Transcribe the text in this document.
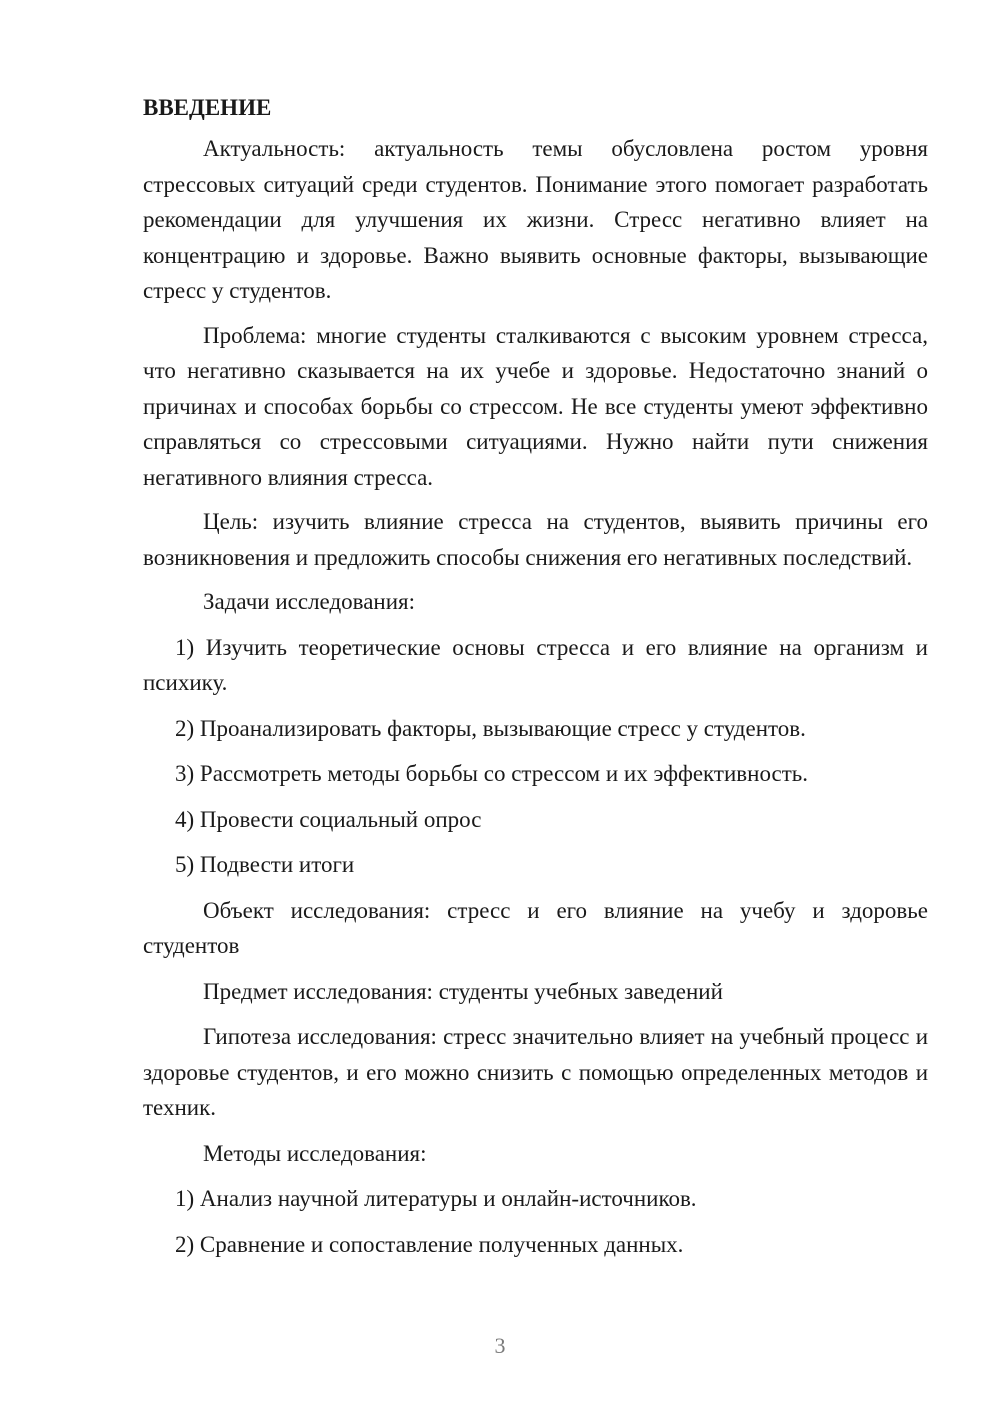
ВВЕДЕНИЕ

Актуальность: актуальность темы обусловлена ростом уровня стрессовых ситуаций среди студентов. Понимание этого помогает разработать рекомендации для улучшения их жизни. Стресс негативно влияет на концентрацию и здоровье. Важно выявить основные факторы, вызывающие стресс у студентов.

Проблема: многие студенты сталкиваются с высоким уровнем стресса, что негативно сказывается на их учебе и здоровье. Недостаточно знаний о причинах и способах борьбы со стрессом. Не все студенты умеют эффективно справляться со стрессовыми ситуациями. Нужно найти пути снижения негативного влияния стресса.

Цель: изучить влияние стресса на студентов, выявить причины его возникновения и предложить способы снижения его негативных последствий.

Задачи исследования:

1) Изучить теоретические основы стресса и его влияние на организм и психику.

2) Проанализировать факторы, вызывающие стресс у студентов.

3) Рассмотреть методы борьбы со стрессом и их эффективность.

4) Провести социальный опрос

5) Подвести итоги

Объект исследования: стресс и его влияние на учебу и здоровье студентов

Предмет исследования: студенты учебных заведений

Гипотеза исследования: стресс значительно влияет на учебный процесс и здоровье студентов, и его можно снизить с помощью определенных методов и техник.

Методы исследования:

1) Анализ научной литературы и онлайн-источников.

2) Сравнение и сопоставление полученных данных.

3
